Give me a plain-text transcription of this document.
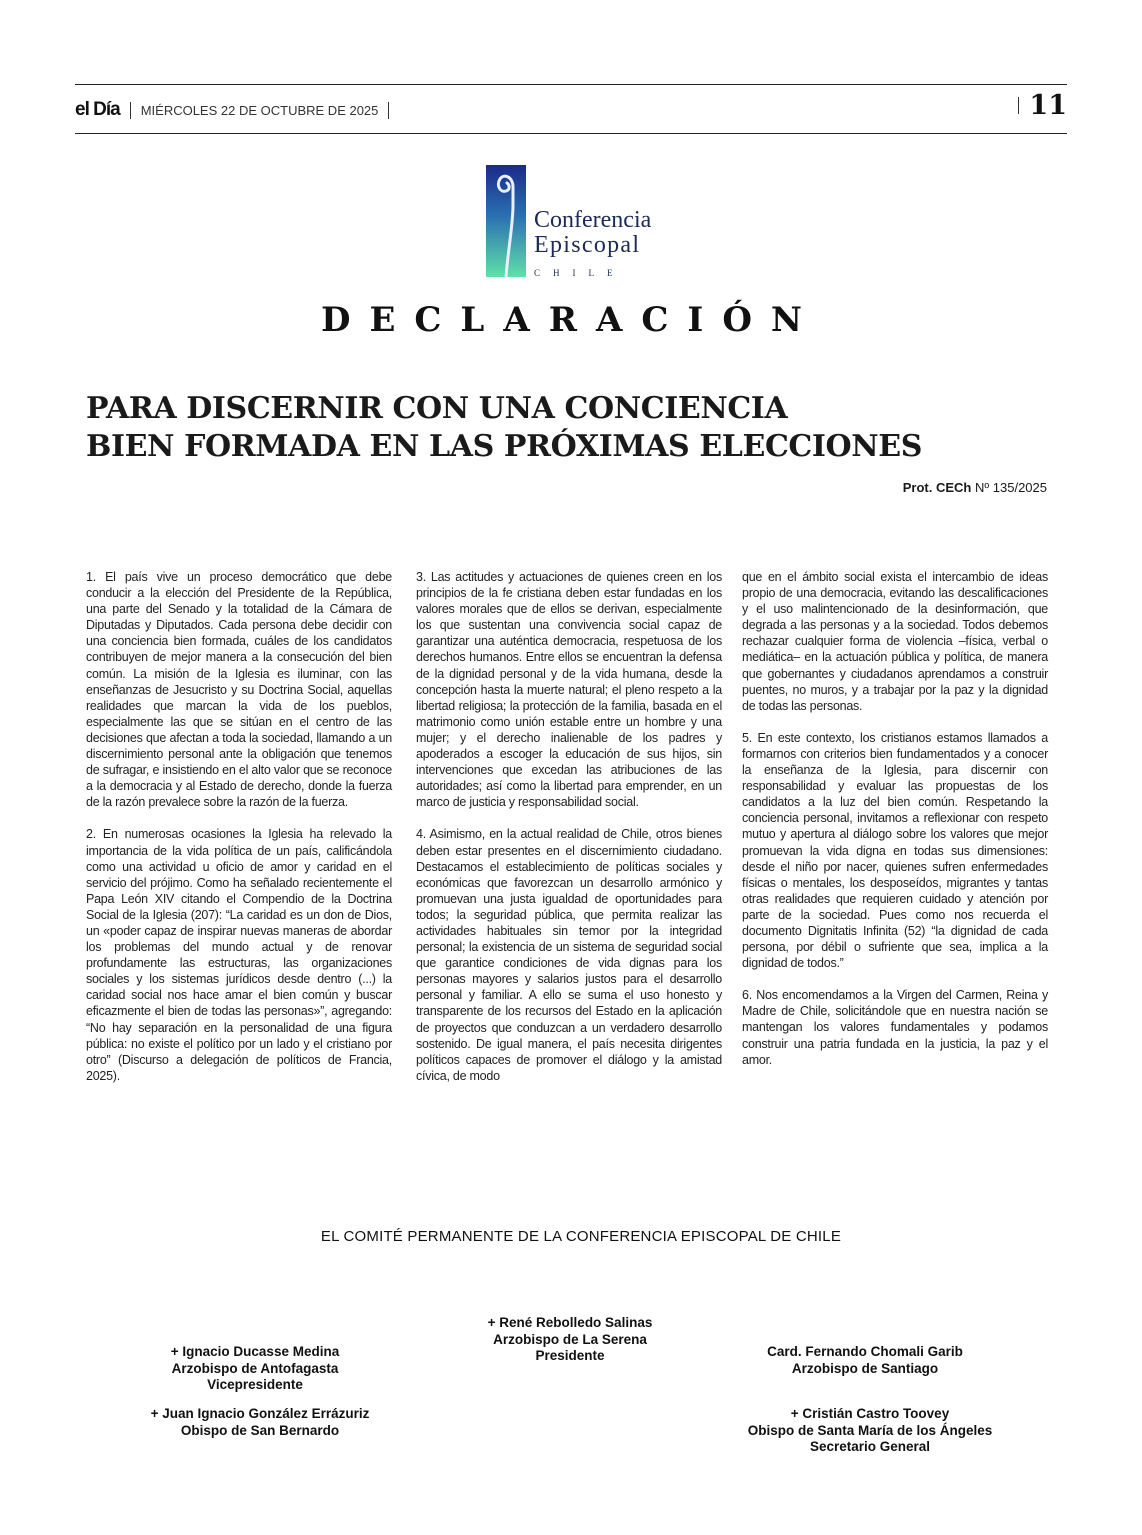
el Día MIÉRCOLES 22 DE OCTUBRE DE 2025	11
Conferencia
Episcopal
CHILE
DECLARACIÓN
PARA DISCERNIR CON UNA CONCIENCIA
BIEN FORMADA EN LAS PRÓXIMAS ELECCIONES
Prot. CECh Nº 135/2025

1. El país vive un proceso democrático que debe conducir a la elección del Presidente de la República, una parte del Senado y la totalidad de la Cámara de Diputadas y Diputados. Cada persona debe decidir con una conciencia bien formada, cuáles de los candidatos contribuyen de mejor manera a la consecución del bien común. La misión de la Iglesia es iluminar, con las enseñanzas de Jesucristo y su Doctrina Social, aquellas realidades que marcan la vida de los pueblos, especialmente las que se sitúan en el centro de las decisiones que afectan a toda la sociedad, llamando a un discernimiento personal ante la obligación que tenemos de sufragar, e insistiendo en el alto valor que se reconoce a la democracia y al Estado de derecho, donde la fuerza de la razón prevalece sobre la razón de la fuerza.

2. En numerosas ocasiones la Iglesia ha relevado la importancia de la vida política de un país, calificándola como una actividad u oficio de amor y caridad en el servicio del prójimo. Como ha señalado recientemente el Papa León XIV citando el Compendio de la Doctrina Social de la Iglesia (207): “La caridad es un don de Dios, un «poder capaz de inspirar nuevas maneras de abordar los problemas del mundo actual y de renovar profundamente las estructuras, las organizaciones sociales y los sistemas jurídicos desde dentro (...) la caridad social nos hace amar el bien común y buscar eficazmente el bien de todas las personas»”, agregando: “No hay separación en la personalidad de una figura pública: no existe el político por un lado y el cristiano por otro” (Discurso a delegación de políticos de Francia, 2025).

3. Las actitudes y actuaciones de quienes creen en los principios de la fe cristiana deben estar fundadas en los valores morales que de ellos se derivan, especialmente los que sustentan una convivencia social capaz de garantizar una auténtica democracia, respetuosa de los derechos humanos. Entre ellos se encuentran la defensa de la dignidad personal y de la vida humana, desde la concepción hasta la muerte natural; el pleno respeto a la libertad religiosa; la protección de la familia, basada en el matrimonio como unión estable entre un hombre y una mujer; y el derecho inalienable de los padres y apoderados a escoger la educación de sus hijos, sin intervenciones que excedan las atribuciones de las autoridades; así como la libertad para emprender, en un marco de justicia y responsabilidad social.

4. Asimismo, en la actual realidad de Chile, otros bienes deben estar presentes en el discernimiento ciudadano. Destacamos el establecimiento de políticas sociales y económicas que favorezcan un desarrollo armónico y promuevan una justa igualdad de oportunidades para todos; la seguridad pública, que permita realizar las actividades habituales sin temor por la integridad personal; la existencia de un sistema de seguridad social que garantice condiciones de vida dignas para los personas mayores y salarios justos para el desarrollo personal y familiar. A ello se suma el uso honesto y transparente de los recursos del Estado en la aplicación de proyectos que conduzcan a un verdadero desarrollo sostenido. De igual manera, el país necesita dirigentes políticos capaces de promover el diálogo y la amistad cívica, de modo

que en el ámbito social exista el intercambio de ideas propio de una democracia, evitando las descalificaciones y el uso malintencionado de la desinformación, que degrada a las personas y a la sociedad. Todos debemos rechazar cualquier forma de violencia –física, verbal o mediática– en la actuación pública y política, de manera que gobernantes y ciudadanos aprendamos a construir puentes, no muros, y a trabajar por la paz y la dignidad de todas las personas.

5. En este contexto, los cristianos estamos llamados a formarnos con criterios bien fundamentados y a conocer la enseñanza de la Iglesia, para discernir con responsabilidad y evaluar las propuestas de los candidatos a la luz del bien común. Respetando la conciencia personal, invitamos a reflexionar con respeto mutuo y apertura al diálogo sobre los valores que mejor promuevan la vida digna en todas sus dimensiones: desde el niño por nacer, quienes sufren enfermedades físicas o mentales, los desposeídos, migrantes y tantas otras realidades que requieren cuidado y atención por parte de la sociedad. Pues como nos recuerda el documento Dignitatis Infinita (52) “la dignidad de cada persona, por débil o sufriente que sea, implica a la dignidad de todos.”

6. Nos encomendamos a la Virgen del Carmen, Reina y Madre de Chile, solicitándole que en nuestra nación se mantengan los valores fundamentales y podamos construir una patria fundada en la justicia, la paz y el amor.

EL COMITÉ PERMANENTE DE LA CONFERENCIA EPISCOPAL DE CHILE
+ René Rebolledo Salinas
Arzobispo de La Serena
Presidente
+ Ignacio Ducasse Medina
Arzobispo de Antofagasta
Vicepresidente
Card. Fernando Chomali Garib
Arzobispo de Santiago
+ Juan Ignacio González Errázuriz
Obispo de San Bernardo
+ Cristián Castro Toovey
Obispo de Santa María de los Ángeles
Secretario General
